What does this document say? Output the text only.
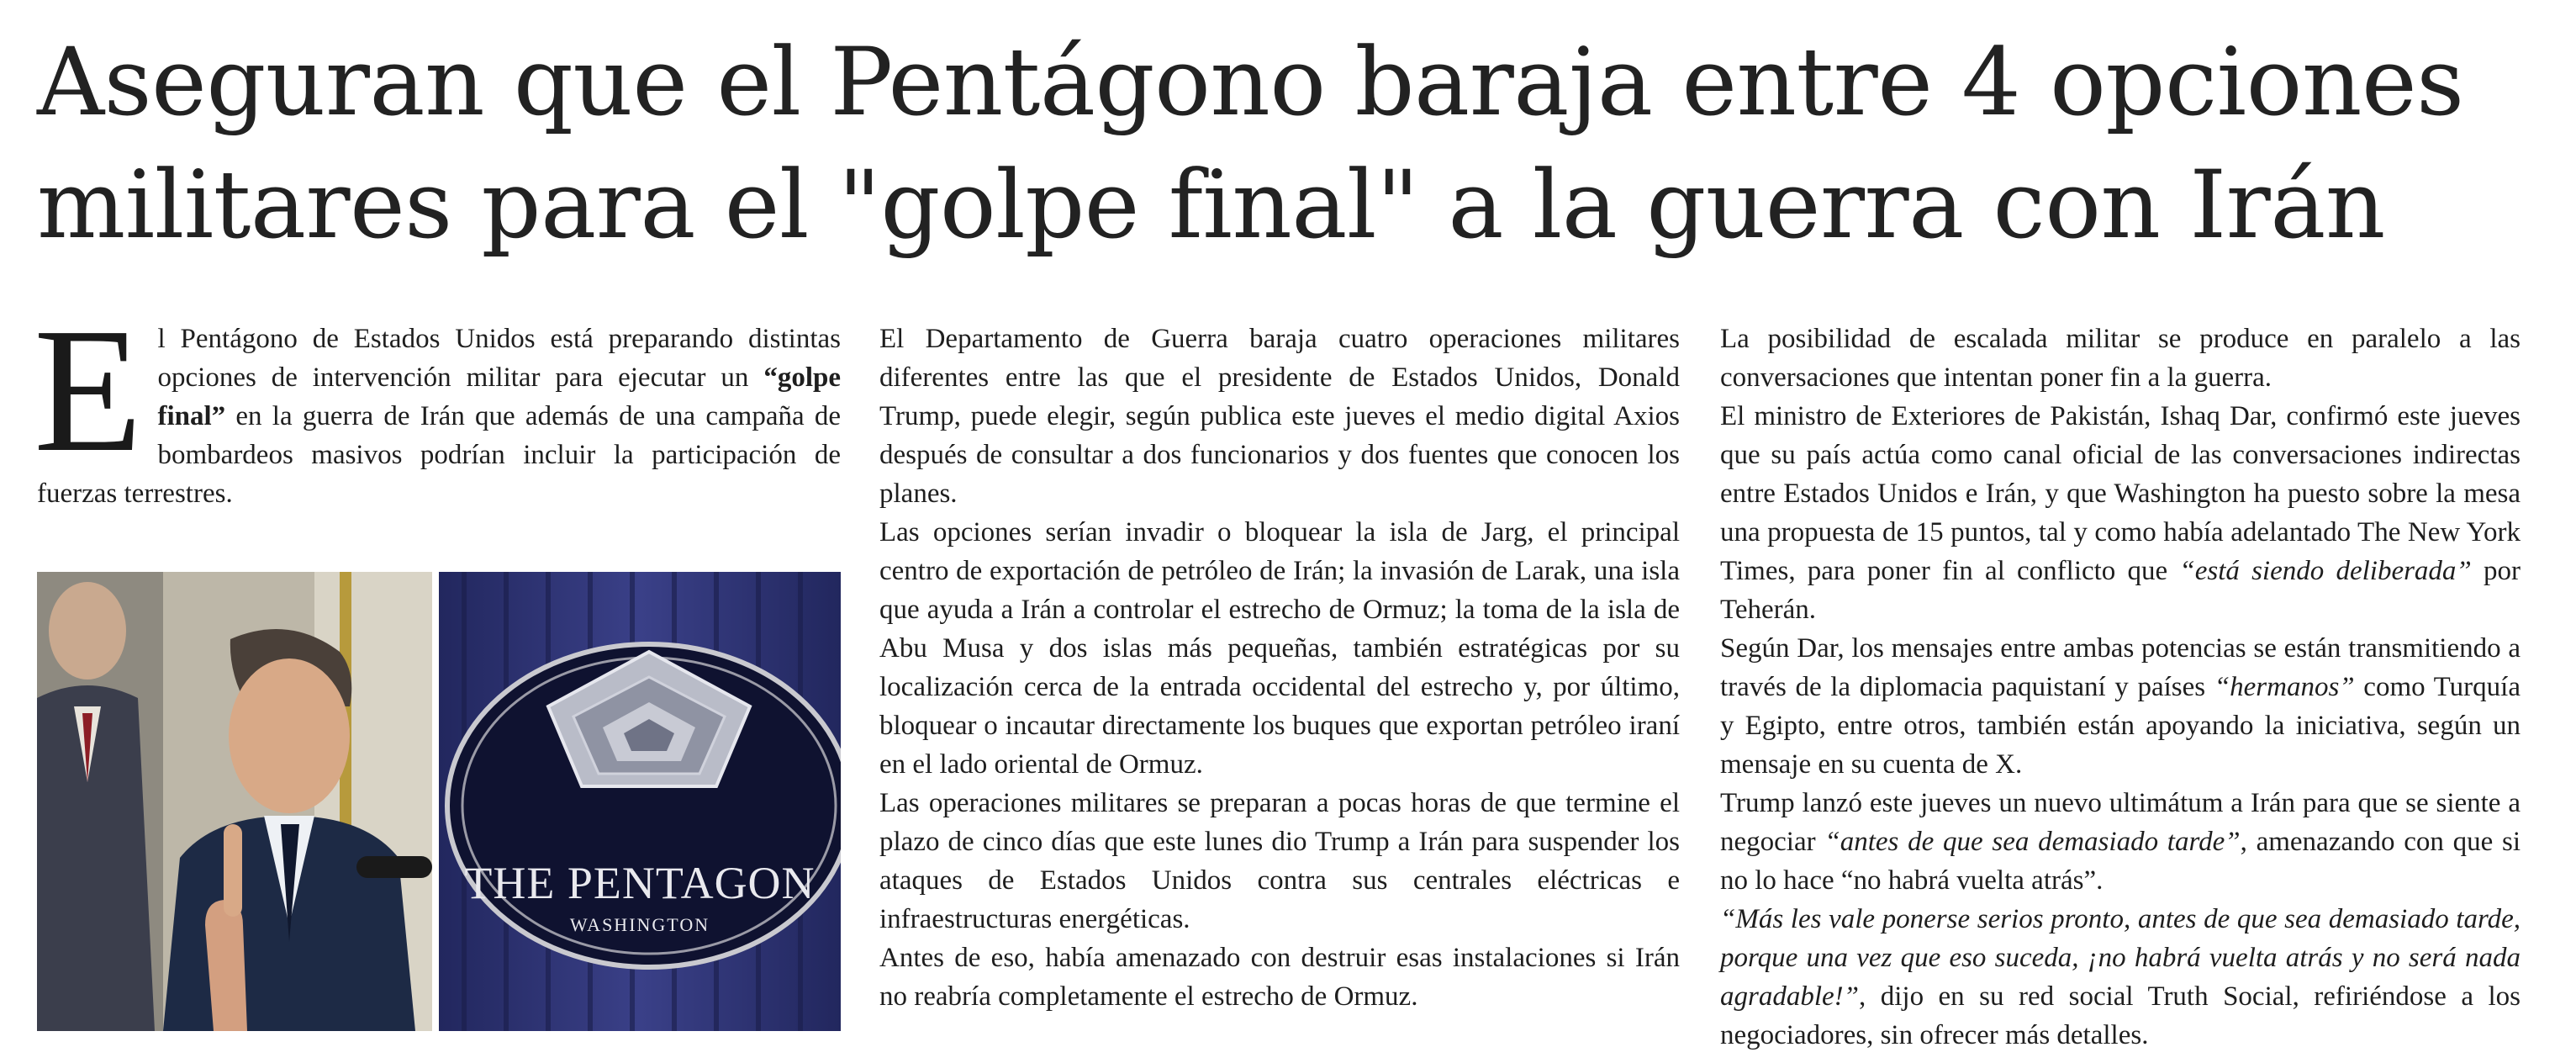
Aseguran que el Pentágono baraja entre 4 opciones militares para el "golpe final" a la guerra con Irán

El Pentágono de Estados Unidos está preparando distintas opciones de intervención militar para ejecutar un “golpe final” en la guerra de Irán que además de una campaña de bombardeos masivos podrían incluir la participación de fuerzas terrestres.

THE PENTAGON
WASHINGTON

El Departamento de Guerra baraja cuatro operaciones militares diferentes entre las que el presidente de Estados Unidos, Donald Trump, puede elegir, según publica este jueves el medio digital Axios después de consultar a dos funcionarios y dos fuentes que conocen los planes.

Las opciones serían invadir o bloquear la isla de Jarg, el principal centro de exportación de petróleo de Irán; la invasión de Larak, una isla que ayuda a Irán a controlar el estrecho de Ormuz; la toma de la isla de Abu Musa y dos islas más pequeñas, también estratégicas por su localización cerca de la entrada occidental del estrecho y, por último, bloquear o incautar directamente los buques que exportan petróleo iraní en el lado oriental de Ormuz.

Las operaciones militares se preparan a pocas horas de que termine el plazo de cinco días que este lunes dio Trump a Irán para suspender los ataques de Estados Unidos contra sus centrales eléctricas e infraestructuras energéticas.

Antes de eso, había amenazado con destruir esas instalaciones si Irán no reabría completamente el estrecho de Ormuz.

La posibilidad de escalada militar se produce en paralelo a las conversaciones que intentan poner fin a la guerra.

El ministro de Exteriores de Pakistán, Ishaq Dar, confirmó este jueves que su país actúa como canal oficial de las conversaciones indirectas entre Estados Unidos e Irán, y que Washington ha puesto sobre la mesa una propuesta de 15 puntos, tal y como había adelantado The New York Times, para poner fin al conflicto que “está siendo deliberada” por Teherán.

Según Dar, los mensajes entre ambas potencias se están transmitiendo a través de la diplomacia paquistaní y países “hermanos” como Turquía y Egipto, entre otros, también están apoyando la iniciativa, según un mensaje en su cuenta de X.

Trump lanzó este jueves un nuevo ultimátum a Irán para que se siente a negociar “antes de que sea demasiado tarde”, amenazando con que si no lo hace “no habrá vuelta atrás”.

“Más les vale ponerse serios pronto, antes de que sea demasiado tarde, porque una vez que eso suceda, ¡no habrá vuelta atrás y no será nada agradable!”, dijo en su red social Truth Social, refiriéndose a los negociadores, sin ofrecer más detalles.
